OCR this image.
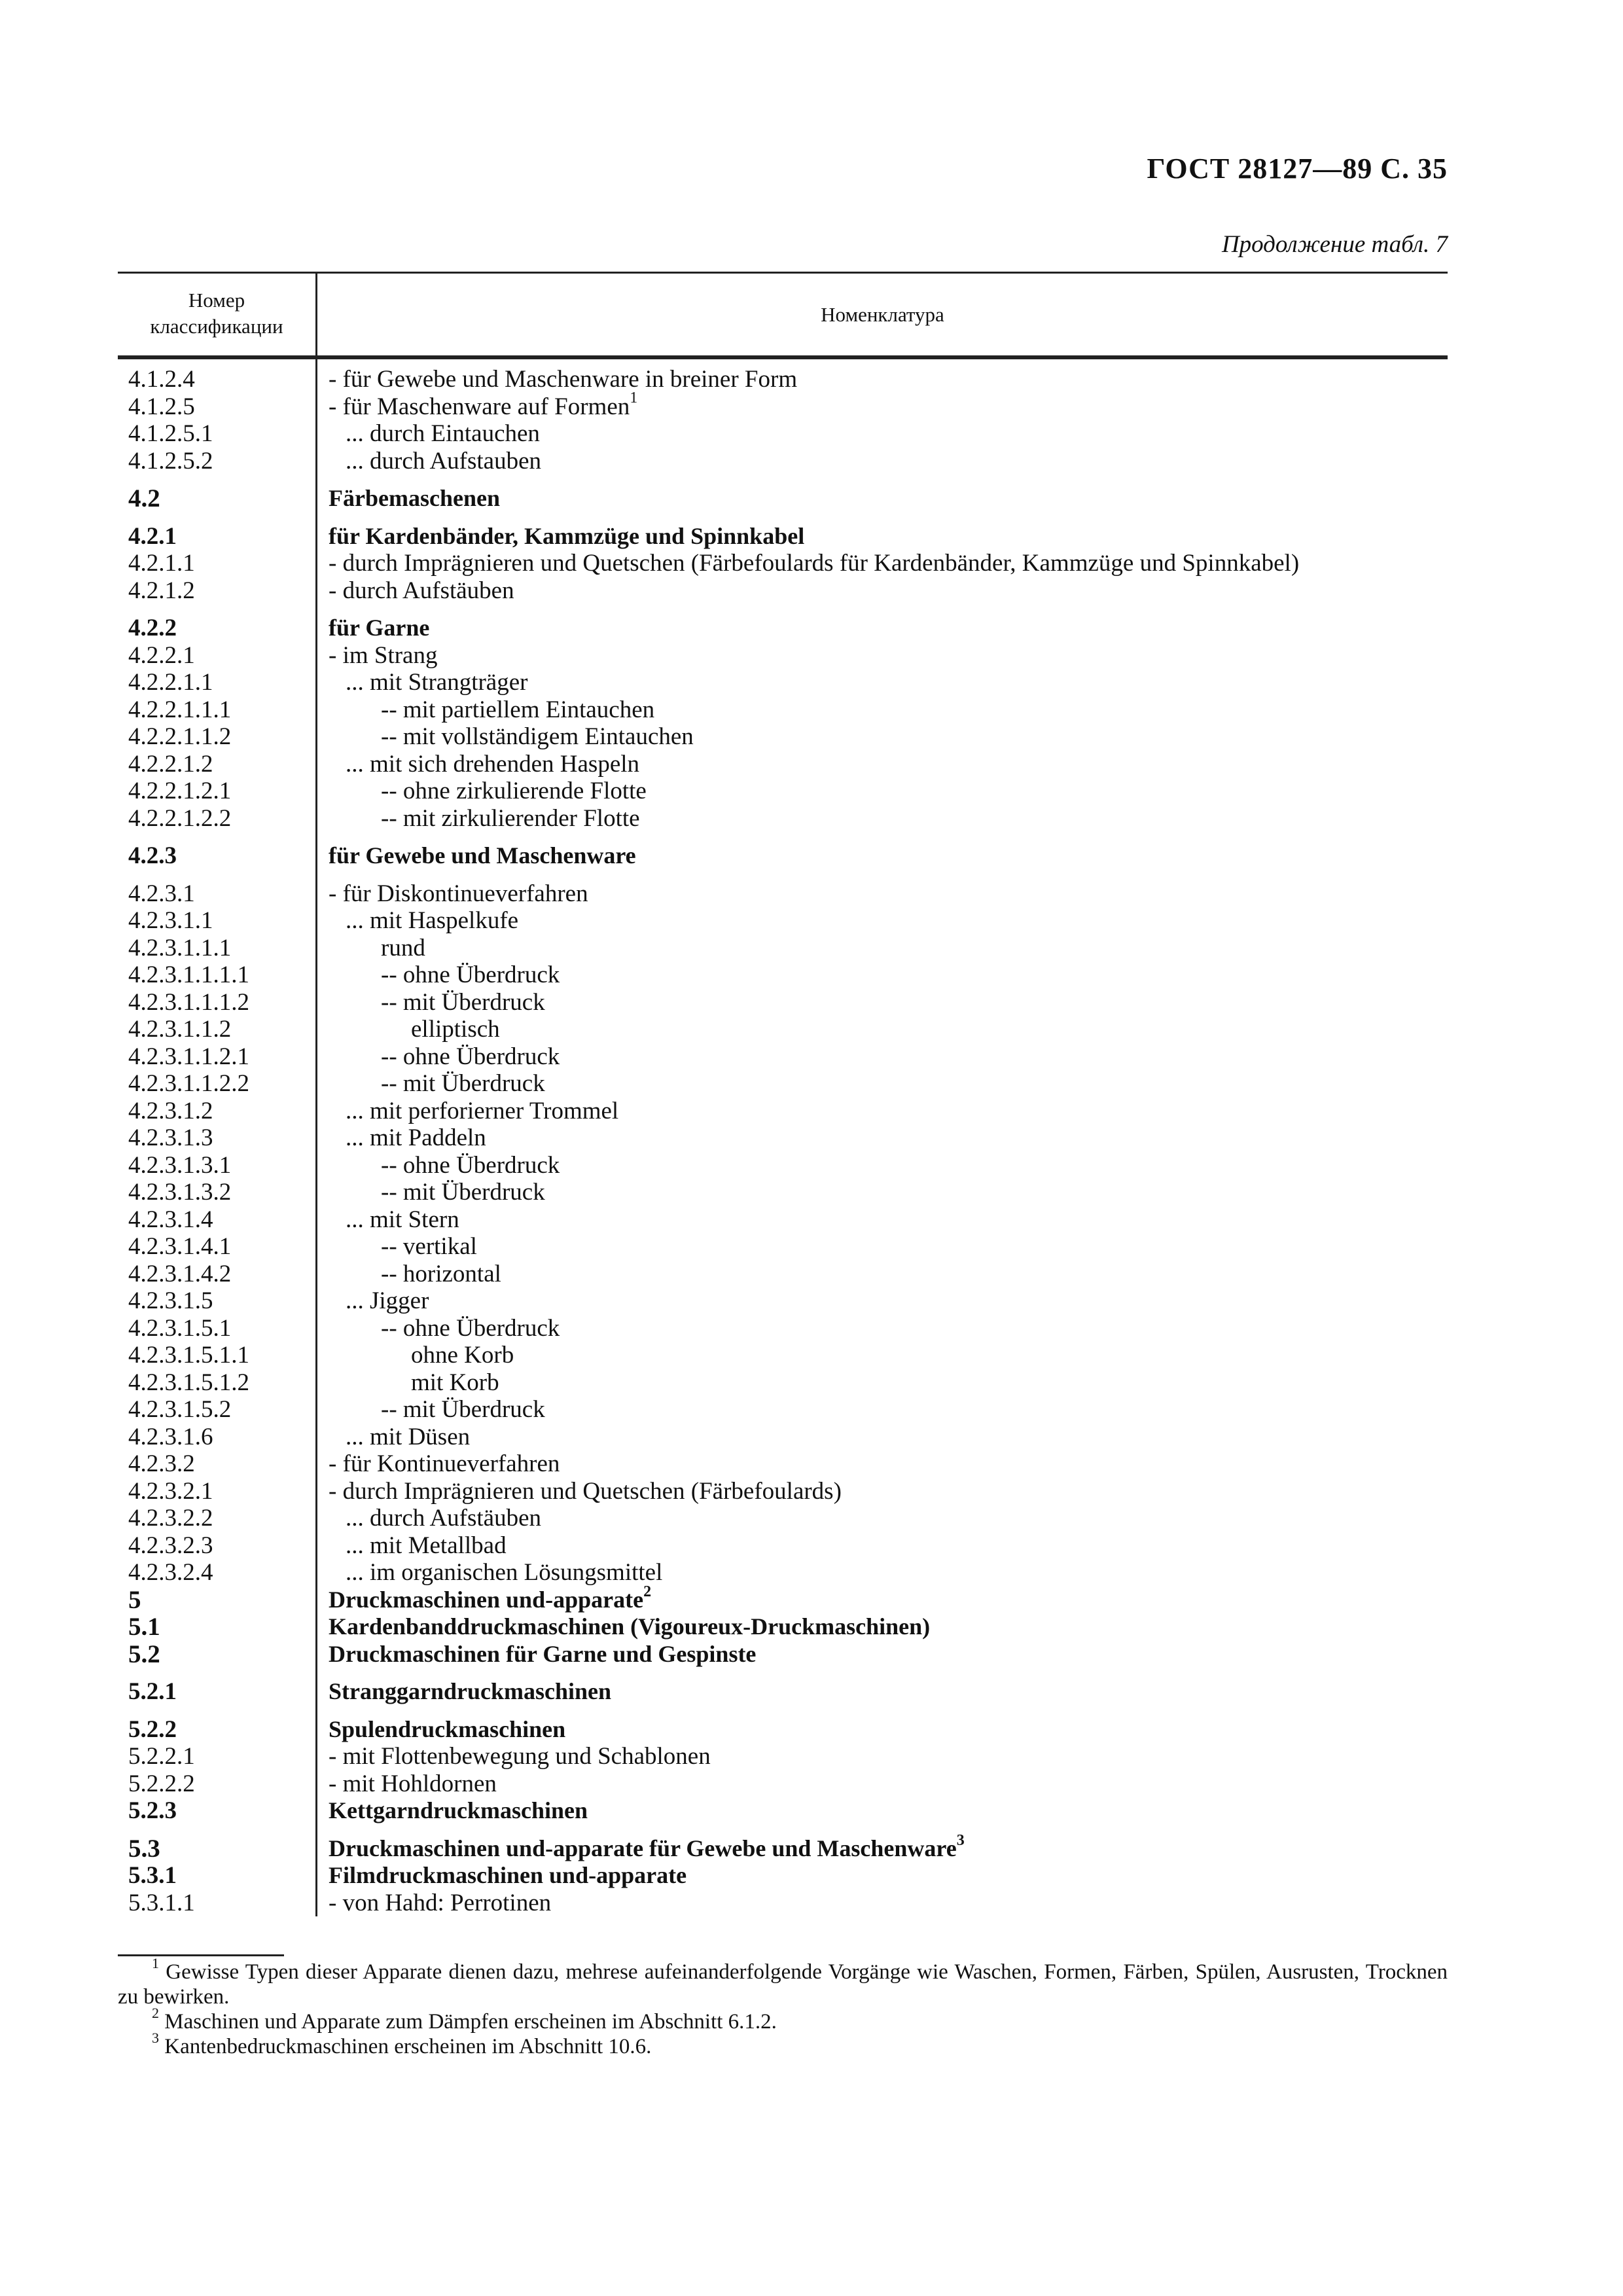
ГОСТ 28127—89 С. 35
Продолжение табл. 7
Номер
классификации
Номенклатура
4.1.2.4
4.1.2.5
4.1.2.5.1
4.1.2.5.2
4.2
4.2.1
4.2.1.1
4.2.1.2
4.2.2
4.2.2.1
4.2.2.1.1
4.2.2.1.1.1
4.2.2.1.1.2
4.2.2.1.2
4.2.2.1.2.1
4.2.2.1.2.2
4.2.3
4.2.3.1
4.2.3.1.1
4.2.3.1.1.1
4.2.3.1.1.1.1
4.2.3.1.1.1.2
4.2.3.1.1.2
4.2.3.1.1.2.1
4.2.3.1.1.2.2
4.2.3.1.2
4.2.3.1.3
4.2.3.1.3.1
4.2.3.1.3.2
4.2.3.1.4
4.2.3.1.4.1
4.2.3.1.4.2
4.2.3.1.5
4.2.3.1.5.1
4.2.3.1.5.1.1
4.2.3.1.5.1.2
4.2.3.1.5.2
4.2.3.1.6
4.2.3.2
4.2.3.2.1
4.2.3.2.2
4.2.3.2.3
4.2.3.2.4
5
5.1
5.2
5.2.1
5.2.2
5.2.2.1
5.2.2.2
5.2.3
5.3
5.3.1
5.3.1.1
- für Gewebe und Maschenware in breiner Form
- für Maschenware auf Formen$^1$
... durch Eintauchen
... durch Aufstauben
Färbemaschenen
für Kardenbänder, Kammzüge und Spinnkabel
- durch Imprägnieren und Quetschen (Färbefoulards für Kardenbänder, Kammzüge und Spinnkabel)
- durch Aufstäuben
für Garne
- im Strang
... mit Strangträger
-- mit partiellem Eintauchen
-- mit vollständigem Eintauchen
... mit sich drehenden Haspeln
-- ohne zirkulierende Flotte
-- mit zirkulierender Flotte
für Gewebe und Maschenware
- für Diskontinueverfahren
... mit Haspelkufe
rund
-- ohne Überdruck
-- mit Überdruck
elliptisch
-- ohne Überdruck
-- mit Überdruck
... mit perforierner Trommel
... mit Paddeln
-- ohne Überdruck
-- mit Überdruck
... mit Stern
-- vertikal
-- horizontal
... Jigger
-- ohne Überdruck
ohne Korb
mit Korb
-- mit Überdruck
... mit Düsen
- für Kontinueverfahren
- durch Imprägnieren und Quetschen (Färbefoulards)
... durch Aufstäuben
... mit Metallbad
... im organischen Lösungsmittel
Druckmaschinen und-apparate$^2$
Kardenbanddruckmaschinen (Vigoureux-Druckmaschinen)
Druckmaschinen für Garne und Gespinste
Stranggarndruckmaschinen
Spulendruckmaschinen
- mit Flottenbewegung und Schablonen
- mit Hohldornen
Kettgarndruckmaschinen
Druckmaschinen und-apparate für Gewebe und Maschenware$^3$
Filmdruckmaschinen und-apparate
- von Hahd: Perrotinen
$^1$ Gewisse Typen dieser Apparate dienen dazu, mehrese aufeinanderfolgende Vorgänge wie Waschen, Formen, Färben, Spülen, Ausrusten, Trocknen zu bewirken.
$^2$ Maschinen und Apparate zum Dämpfen erscheinen im Abschnitt 6.1.2.
$^3$ Kantenbedruckmaschinen erscheinen im Abschnitt 10.6.
